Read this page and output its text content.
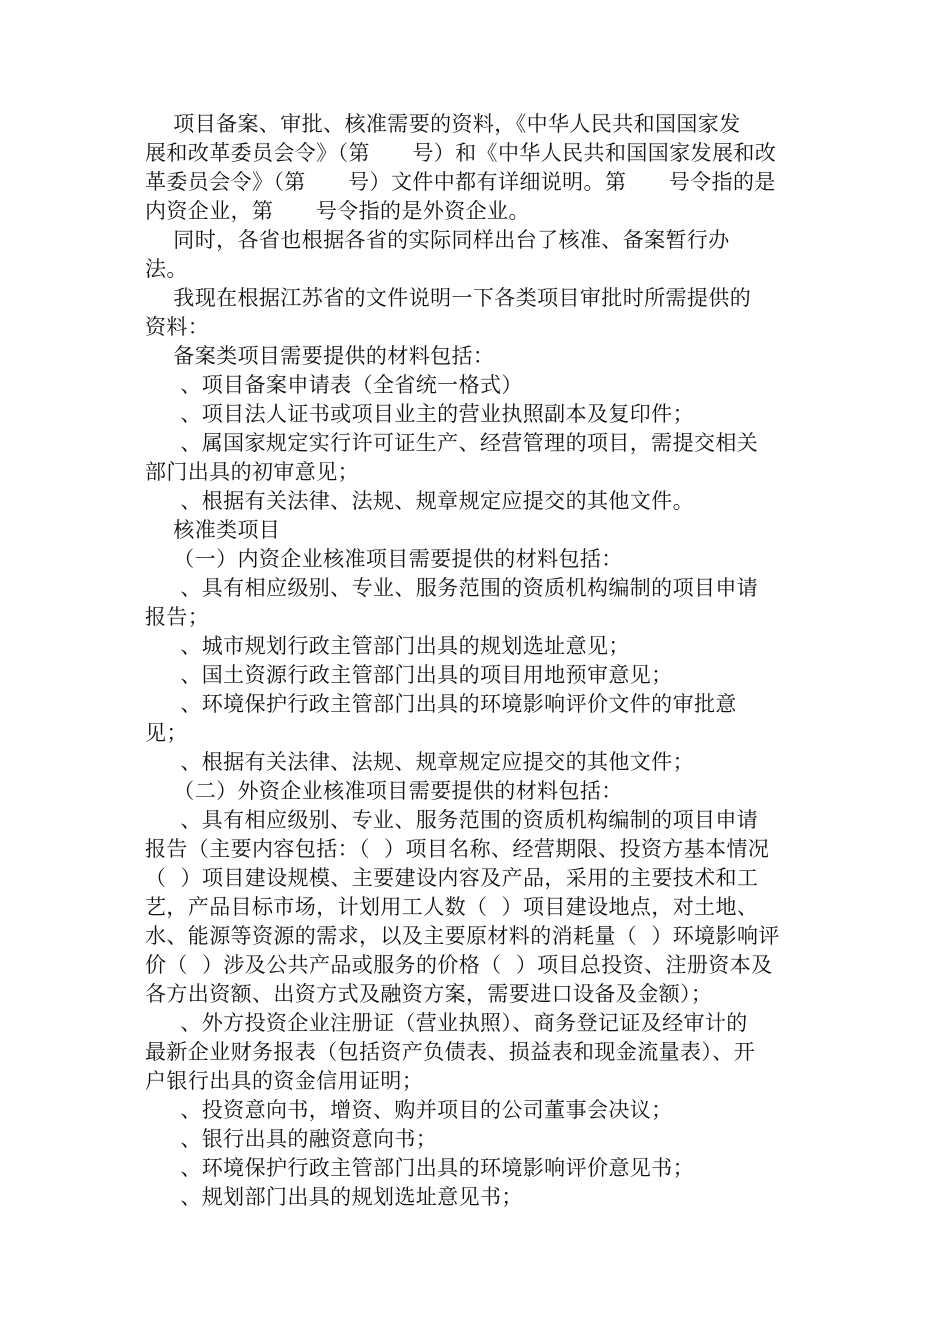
项目备案、审批、核准需要的资料，《中华人民共和国国家发
展和改革委员会令》（第      号）和《中华人民共和国国家发展和改
革委员会令》（第      号）文件中都有详细说明。第      号令指的是
内资企业，第      号令指的是外资企业。
同时，各省也根据各省的实际同样出台了核准、备案暂行办
法。
我现在根据江苏省的文件说明一下各类项目审批时所需提供的
资料：
备案类项目需要提供的材料包括：
、项目备案申请表（全省统一格式）
、项目法人证书或项目业主的营业执照副本及复印件；
、属国家规定实行许可证生产、经营管理的项目，需提交相关
部门出具的初审意见；
、根据有关法律、法规、规章规定应提交的其他文件。
核准类项目
（一）内资企业核准项目需要提供的材料包括：
、具有相应级别、专业、服务范围的资质机构编制的项目申请
报告；
、城市规划行政主管部门出具的规划选址意见；
、国土资源行政主管部门出具的项目用地预审意见；
、环境保护行政主管部门出具的环境影响评价文件的审批意
见；
、根据有关法律、法规、规章规定应提交的其他文件；
（二）外资企业核准项目需要提供的材料包括：
、具有相应级别、专业、服务范围的资质机构编制的项目申请
报告（主要内容包括：（  ）项目名称、经营期限、投资方基本情况
（  ）项目建设规模、主要建设内容及产品，采用的主要技术和工
艺，产品目标市场，计划用工人数（  ）项目建设地点，对土地、
水、能源等资源的需求，以及主要原材料的消耗量（  ）环境影响评
价（  ）涉及公共产品或服务的价格（  ）项目总投资、注册资本及
各方出资额、出资方式及融资方案，需要进口设备及金额）；
、外方投资企业注册证（营业执照）、商务登记证及经审计的
最新企业财务报表（包括资产负债表、损益表和现金流量表）、开
户银行出具的资金信用证明；
、投资意向书，增资、购并项目的公司董事会决议；
、银行出具的融资意向书；
、环境保护行政主管部门出具的环境影响评价意见书；
、规划部门出具的规划选址意见书；
